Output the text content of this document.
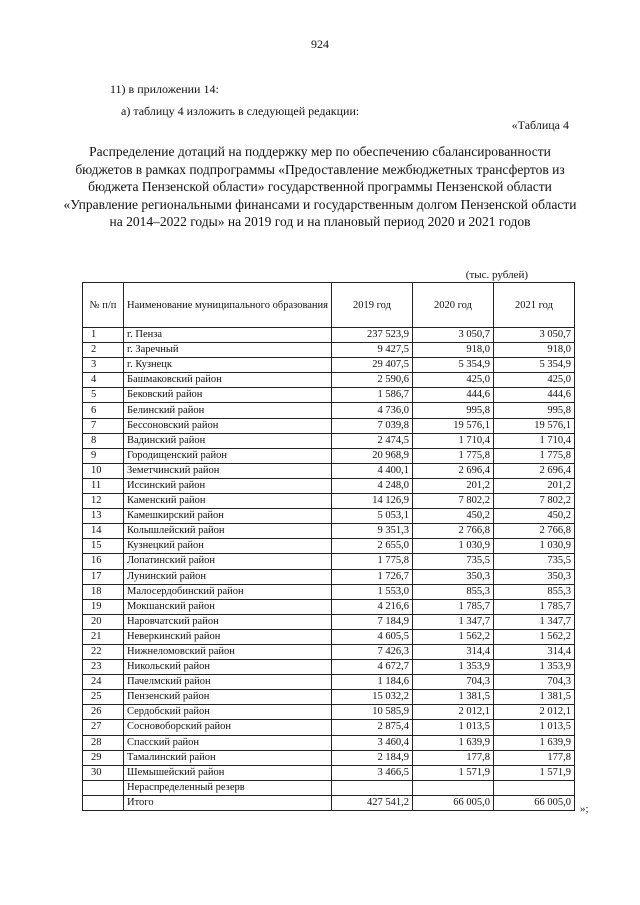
924
11) в приложении 14:
а) таблицу 4 изложить в следующей редакции:
«Таблица 4
Распределение дотаций на поддержку мер по обеспечению сбалансированности бюджетов в рамках подпрограммы «Предоставление межбюджетных трансфертов из бюджета Пензенской области» государственной программы Пензенской области «Управление региональными финансами и государственным долгом Пензенской области на 2014–2022 годы» на 2019 год и на плановый период 2020 и 2021 годов
(тыс. рублей)
№ п/п	Наименование муниципального образования	2019 год	2020 год	2021 год
1	г. Пенза	237 523,9	3 050,7	3 050,7
2	г. Заречный	9 427,5	918,0	918,0
3	г. Кузнецк	29 407,5	5 354,9	5 354,9
4	Башмаковский район	2 590,6	425,0	425,0
5	Бековский район	1 586,7	444,6	444,6
6	Белинский район	4 736,0	995,8	995,8
7	Бессоновский район	7 039,8	19 576,1	19 576,1
8	Вадинский район	2 474,5	1 710,4	1 710,4
9	Городищенский район	20 968,9	1 775,8	1 775,8
10	Земетчинский район	4 400,1	2 696,4	2 696,4
11	Иссинский район	4 248,0	201,2	201,2
12	Каменский район	14 126,9	7 802,2	7 802,2
13	Камешкирский район	5 053,1	450,2	450,2
14	Колышлейский район	9 351,3	2 766,8	2 766,8
15	Кузнецкий район	2 655,0	1 030,9	1 030,9
16	Лопатинский район	1 775,8	735,5	735,5
17	Лунинский район	1 726,7	350,3	350,3
18	Малосердобинский район	1 553,0	855,3	855,3
19	Мокшанский район	4 216,6	1 785,7	1 785,7
20	Наровчатский район	7 184,9	1 347,7	1 347,7
21	Неверкинский район	4 605,5	1 562,2	1 562,2
22	Нижнеломовский район	7 426,3	314,4	314,4
23	Никольский район	4 672,7	1 353,9	1 353,9
24	Пачелмский район	1 184,6	704,3	704,3
25	Пензенский район	15 032,2	1 381,5	1 381,5
26	Сердобский район	10 585,9	2 012,1	2 012,1
27	Сосновоборский район	2 875,4	1 013,5	1 013,5
28	Спасский район	3 460,4	1 639,9	1 639,9
29	Тамалинский район	2 184,9	177,8	177,8
30	Шемышейский район	3 466,5	1 571,9	1 571,9
	Нераспределенный резерв			
	Итого	427 541,2	66 005,0	66 005,0
»;
